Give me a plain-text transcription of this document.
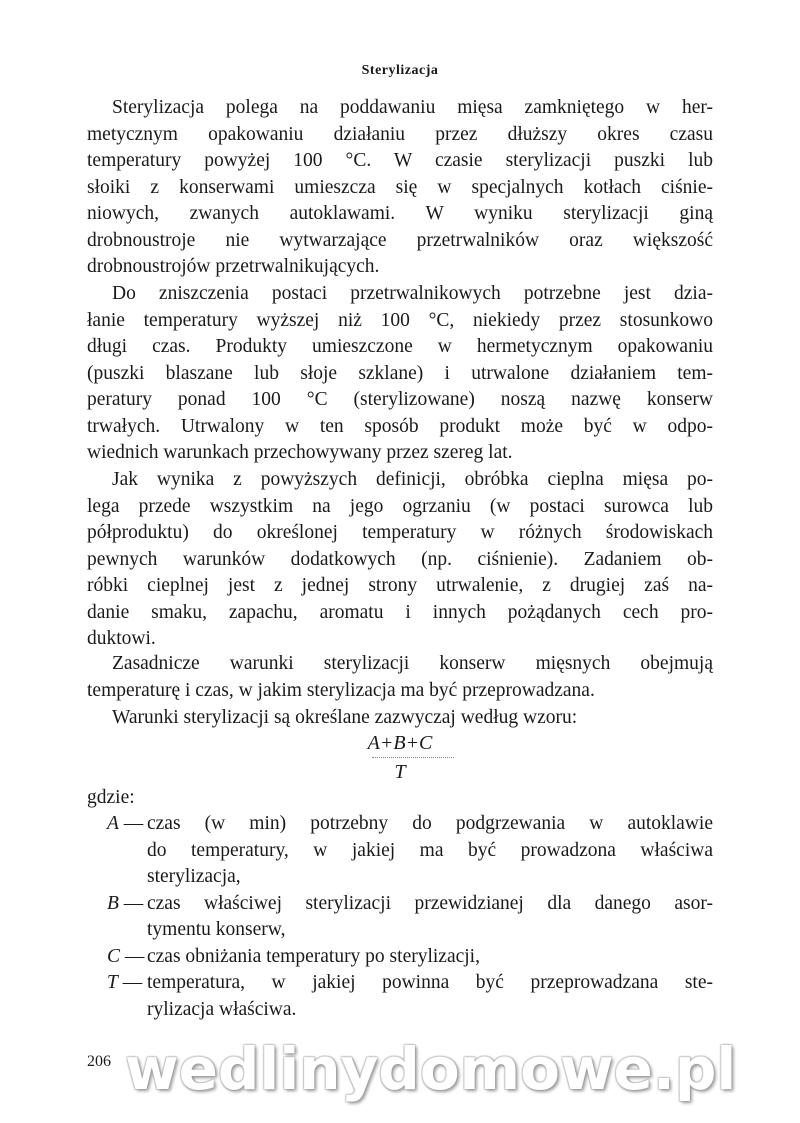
Sterylizacja
Sterylizacja polega na poddawaniu mięsa zamkniętego w her-
metycznym opakowaniu działaniu przez dłuższy okres czasu
temperatury powyżej 100 °C. W czasie sterylizacji puszki lub
słoiki z konserwami umieszcza się w specjalnych kotłach ciśnie-
niowych, zwanych autoklawami. W wyniku sterylizacji giną
drobnoustroje nie wytwarzające przetrwalników oraz większość
drobnoustrojów przetrwalnikujących.
Do zniszczenia postaci przetrwalnikowych potrzebne jest dzia-
łanie temperatury wyższej niż 100 °C, niekiedy przez stosunkowo
długi czas. Produkty umieszczone w hermetycznym opakowaniu
(puszki blaszane lub słoje szklane) i utrwalone działaniem tem-
peratury ponad 100 °C (sterylizowane) noszą nazwę konserw
trwałych. Utrwalony w ten sposób produkt może być w odpo-
wiednich warunkach przechowywany przez szereg lat.
Jak wynika z powyższych definicji, obróbka cieplna mięsa po-
lega przede wszystkim na jego ogrzaniu (w postaci surowca lub
półproduktu) do określonej temperatury w różnych środowiskach
pewnych warunków dodatkowych (np. ciśnienie). Zadaniem ob-
róbki cieplnej jest z jednej strony utrwalenie, z drugiej zaś na-
danie smaku, zapachu, aromatu i innych pożądanych cech pro-
duktowi.
Zasadnicze warunki sterylizacji konserw mięsnych obejmują
temperaturę i czas, w jakim sterylizacja ma być przeprowadzana.
Warunki sterylizacji są określane zazwyczaj według wzoru:
A+B+C
T
gdzie:
A — czas (w min) potrzebny do podgrzewania w autoklawie
do temperatury, w jakiej ma być prowadzona właściwa
sterylizacja,
B — czas właściwej sterylizacji przewidzianej dla danego asor-
tymentu konserw,
C — czas obniżania temperatury po sterylizacji,
T — temperatura, w jakiej powinna być przeprowadzana ste-
rylizacja właściwa.
wedlinydomowe.pl
206
